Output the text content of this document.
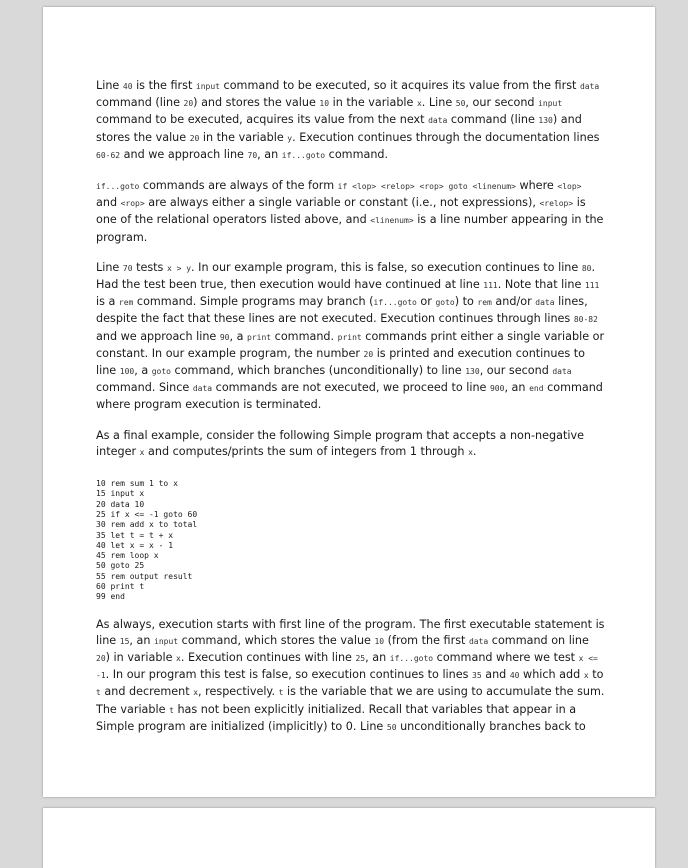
Line 40 is the first input command to be executed, so it acquires its value from the first data command (line 20) and stores the value 10 in the variable x. Line 50, our second input command to be executed, acquires its value from the next data command (line 130) and stores the value 20 in the variable y. Execution continues through the documentation lines 60-62 and we approach line 70, an if...goto command.

if...goto commands are always of the form if <lop> <relop> <rop> goto <linenum> where <lop> and <rop> are always either a single variable or constant (i.e., not expressions), <relop> is one of the relational operators listed above, and <linenum> is a line number appearing in the program.

Line 70 tests x > y. In our example program, this is false, so execution continues to line 80. Had the test been true, then execution would have continued at line 111. Note that line 111 is a rem command. Simple programs may branch (if...goto or goto) to rem and/or data lines, despite the fact that these lines are not executed. Execution continues through lines 80-82 and we approach line 90, a print command. print commands print either a single variable or constant. In our example program, the number 20 is printed and execution continues to line 100, a goto command, which branches (unconditionally) to line 130, our second data command. Since data commands are not executed, we proceed to line 900, an end command where program execution is terminated.

As a final example, consider the following Simple program that accepts a non-negative integer x and computes/prints the sum of integers from 1 through x.

10 rem sum 1 to x
15 input x
20 data 10
25 if x <= -1 goto 60
30 rem add x to total
35 let t = t + x
40 let x = x - 1
45 rem loop x
50 goto 25
55 rem output result
60 print t
99 end

As always, execution starts with first line of the program. The first executable statement is line 15, an input command, which stores the value 10 (from the first data command on line 20) in variable x. Execution continues with line 25, an if...goto command where we test x <= -1. In our program this test is false, so execution continues to lines 35 and 40 which add x to t and decrement x, respectively. t is the variable that we are using to accumulate the sum. The variable t has not been explicitly initialized. Recall that variables that appear in a Simple program are initialized (implicitly) to 0. Line 50 unconditionally branches back to
